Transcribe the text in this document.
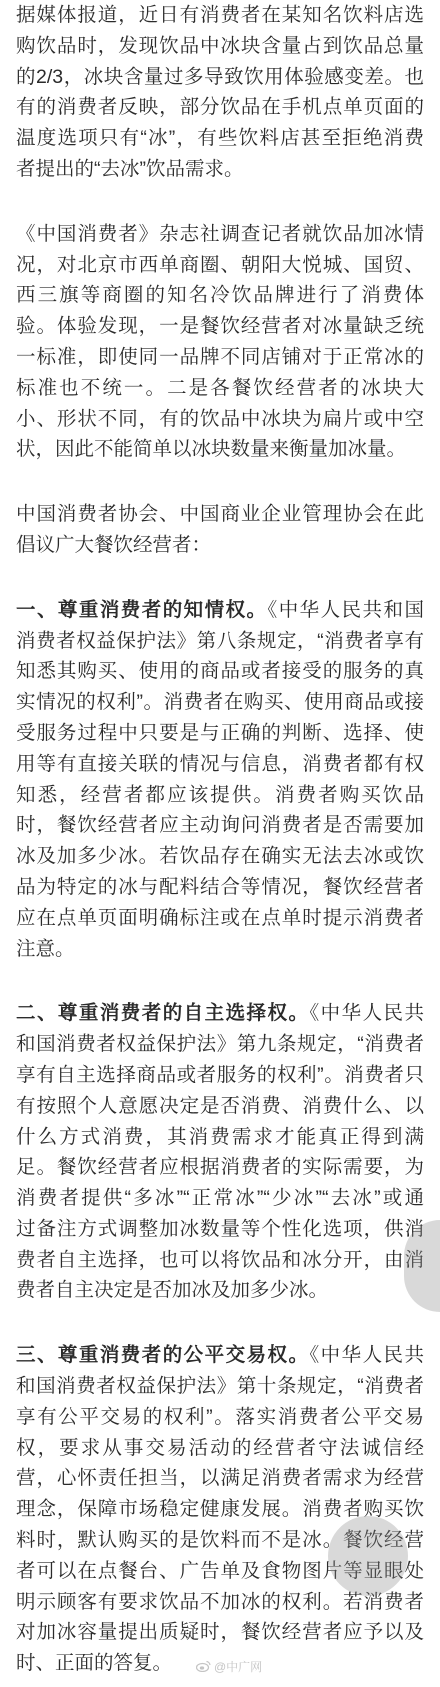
据媒体报道，近日有消费者在某知名饮料店选
购饮品时，发现饮品中冰块含量占到饮品总量
的2/3，冰块含量过多导致饮用体验感变差。也
有的消费者反映，部分饮品在手机点单页面的
温度选项只有“冰”，有些饮料店甚至拒绝消费
者提出的“去冰”饮品需求。
《中国消费者》杂志社调查记者就饮品加冰情
况，对北京市西单商圈、朝阳大悦城、国贸、
西三旗等商圈的知名冷饮品牌进行了消费体
验。体验发现，一是餐饮经营者对冰量缺乏统
一标准，即使同一品牌不同店铺对于正常冰的
标准也不统一。二是各餐饮经营者的冰块大
小、形状不同，有的饮品中冰块为扁片或中空
状，因此不能简单以冰块数量来衡量加冰量。
中国消费者协会、中国商业企业管理协会在此
倡议广大餐饮经营者：
一、尊重消费者的知情权。《中华人民共和国
消费者权益保护法》第八条规定，“消费者享有
知悉其购买、使用的商品或者接受的服务的真
实情况的权利”。消费者在购买、使用商品或接
受服务过程中只要是与正确的判断、选择、使
用等有直接关联的情况与信息，消费者都有权
知悉，经营者都应该提供。消费者购买饮品
时，餐饮经营者应主动询问消费者是否需要加
冰及加多少冰。若饮品存在确实无法去冰或饮
品为特定的冰与配料结合等情况，餐饮经营者
应在点单页面明确标注或在点单时提示消费者
注意。
二、尊重消费者的自主选择权。《中华人民共
和国消费者权益保护法》第九条规定，“消费者
享有自主选择商品或者服务的权利”。消费者只
有按照个人意愿决定是否消费、消费什么、以
什么方式消费，其消费需求才能真正得到满
足。餐饮经营者应根据消费者的实际需要，为
消费者提供“多冰”“正常冰”“少冰”“去冰”或通
过备注方式调整加冰数量等个性化选项，供消
费者自主选择，也可以将饮品和冰分开，由消
费者自主决定是否加冰及加多少冰。
三、尊重消费者的公平交易权。《中华人民共
和国消费者权益保护法》第十条规定，“消费者
享有公平交易的权利”。落实消费者公平交易
权，要求从事交易活动的经营者守法诚信经
营，心怀责任担当，以满足消费者需求为经营
理念，保障市场稳定健康发展。消费者购买饮
料时，默认购买的是饮料而不是冰。餐饮经营
者可以在点餐台、广告单及食物图片等显眼处
明示顾客有要求饮品不加冰的权利。若消费者
对加冰容量提出质疑时，餐饮经营者应予以及
时、正面的答复。	@中广网
